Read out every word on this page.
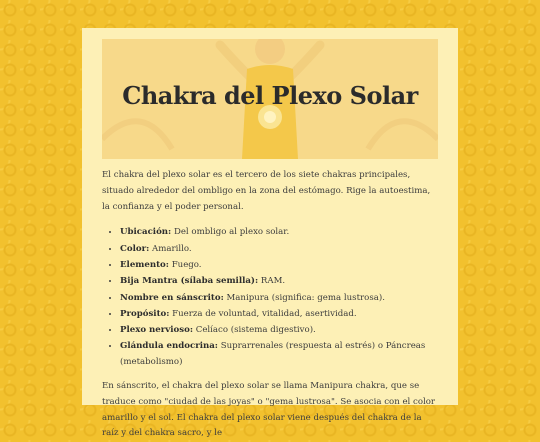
Chakra del Plexo Solar

El chakra del plexo solar es el tercero de los siete chakras principales, situado alrededor del ombligo en la zona del estómago. Rige la autoestima, la confianza y el poder personal.

• Ubicación: Del ombligo al plexo solar.
• Color: Amarillo.
• Elemento: Fuego.
• Bija Mantra (sílaba semilla): RAM.
• Nombre en sánscrito: Manipura (significa: gema lustrosa).
• Propósito: Fuerza de voluntad, vitalidad, asertividad.
• Plexo nervioso: Celíaco (sistema digestivo).
• Glándula endocrina: Suprarrenales (respuesta al estrés) o Páncreas (metabolismo)

En sánscrito, el chakra del plexo solar se llama Manipura chakra, que se traduce como "ciudad de las joyas" o "gema lustrosa". Se asocia con el color amarillo y el sol. El chakra del plexo solar viene después del chakra de la raíz y del chakra sacro, y le
